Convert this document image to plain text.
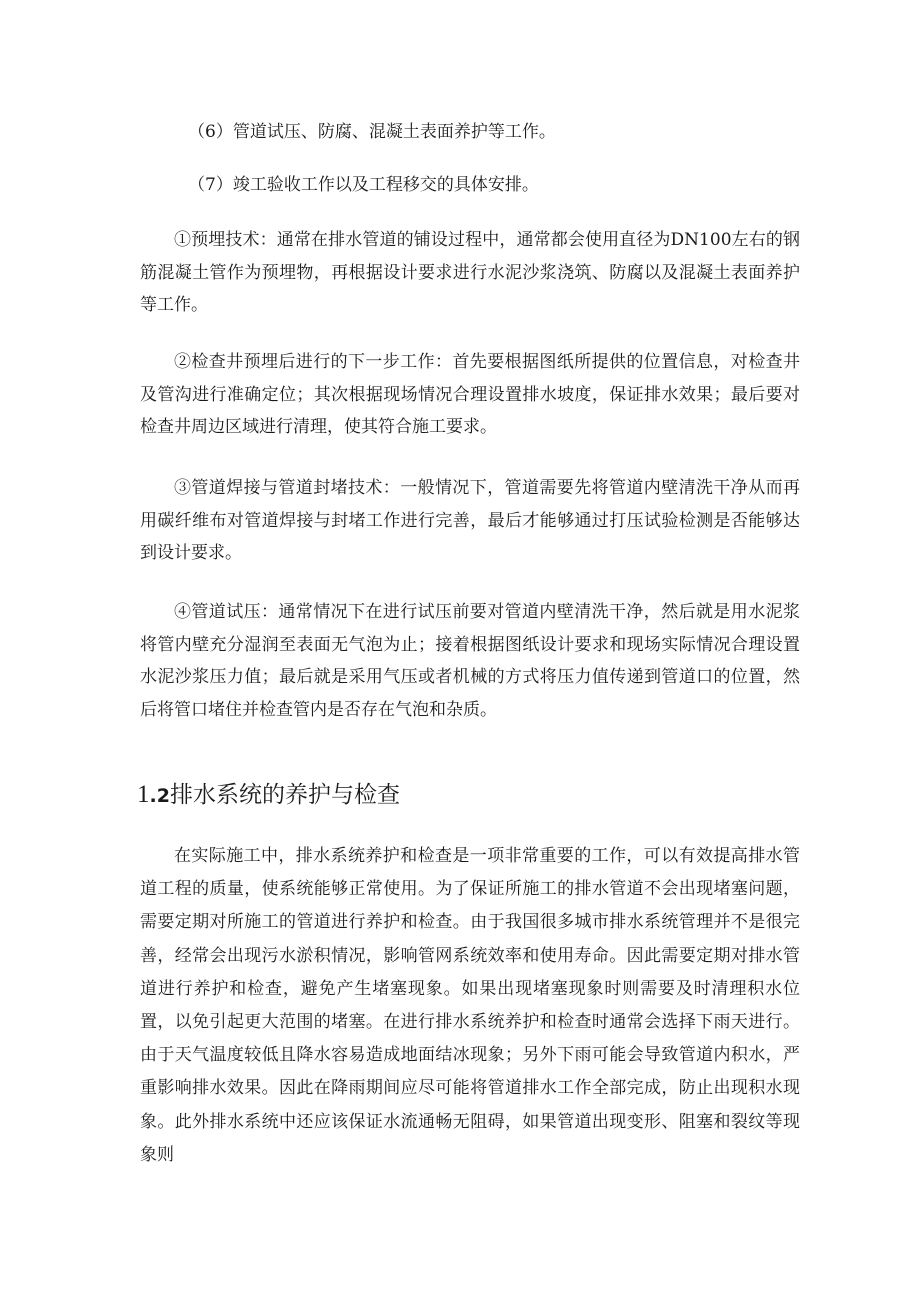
（6）管道试压、防腐、混凝土表面养护等工作。
（7）竣工验收工作以及工程移交的具体安排。

①预埋技术：通常在排水管道的铺设过程中，通常都会使用直径为DN100左右的钢筋混凝土管作为预埋物，再根据设计要求进行水泥沙浆浇筑、防腐以及混凝土表面养护等工作。

②检查井预埋后进行的下一步工作：首先要根据图纸所提供的位置信息，对检查井及管沟进行准确定位；其次根据现场情况合理设置排水坡度，保证排水效果；最后要对检查井周边区域进行清理，使其符合施工要求。

③管道焊接与管道封堵技术：一般情况下，管道需要先将管道内壁清洗干净从而再用碳纤维布对管道焊接与封堵工作进行完善，最后才能够通过打压试验检测是否能够达到设计要求。

④管道试压：通常情况下在进行试压前要对管道内壁清洗干净，然后就是用水泥浆将管内壁充分湿润至表面无气泡为止；接着根据图纸设计要求和现场实际情况合理设置水泥沙浆压力值；最后就是采用气压或者机械的方式将压力值传递到管道口的位置，然后将管口堵住并检查管内是否存在气泡和杂质。

1.2排水系统的养护与检查

在实际施工中，排水系统养护和检查是一项非常重要的工作，可以有效提高排水管道工程的质量，使系统能够正常使用。为了保证所施工的排水管道不会出现堵塞问题，需要定期对所施工的管道进行养护和检查。由于我国很多城市排水系统管理并不是很完善，经常会出现污水淤积情况，影响管网系统效率和使用寿命。因此需要定期对排水管道进行养护和检查，避免产生堵塞现象。如果出现堵塞现象时则需要及时清理积水位置，以免引起更大范围的堵塞。在进行排水系统养护和检查时通常会选择下雨天进行。由于天气温度较低且降水容易造成地面结冰现象；另外下雨可能会导致管道内积水，严重影响排水效果。因此在降雨期间应尽可能将管道排水工作全部完成，防止出现积水现象。此外排水系统中还应该保证水流通畅无阻碍，如果管道出现变形、阻塞和裂纹等现象则
